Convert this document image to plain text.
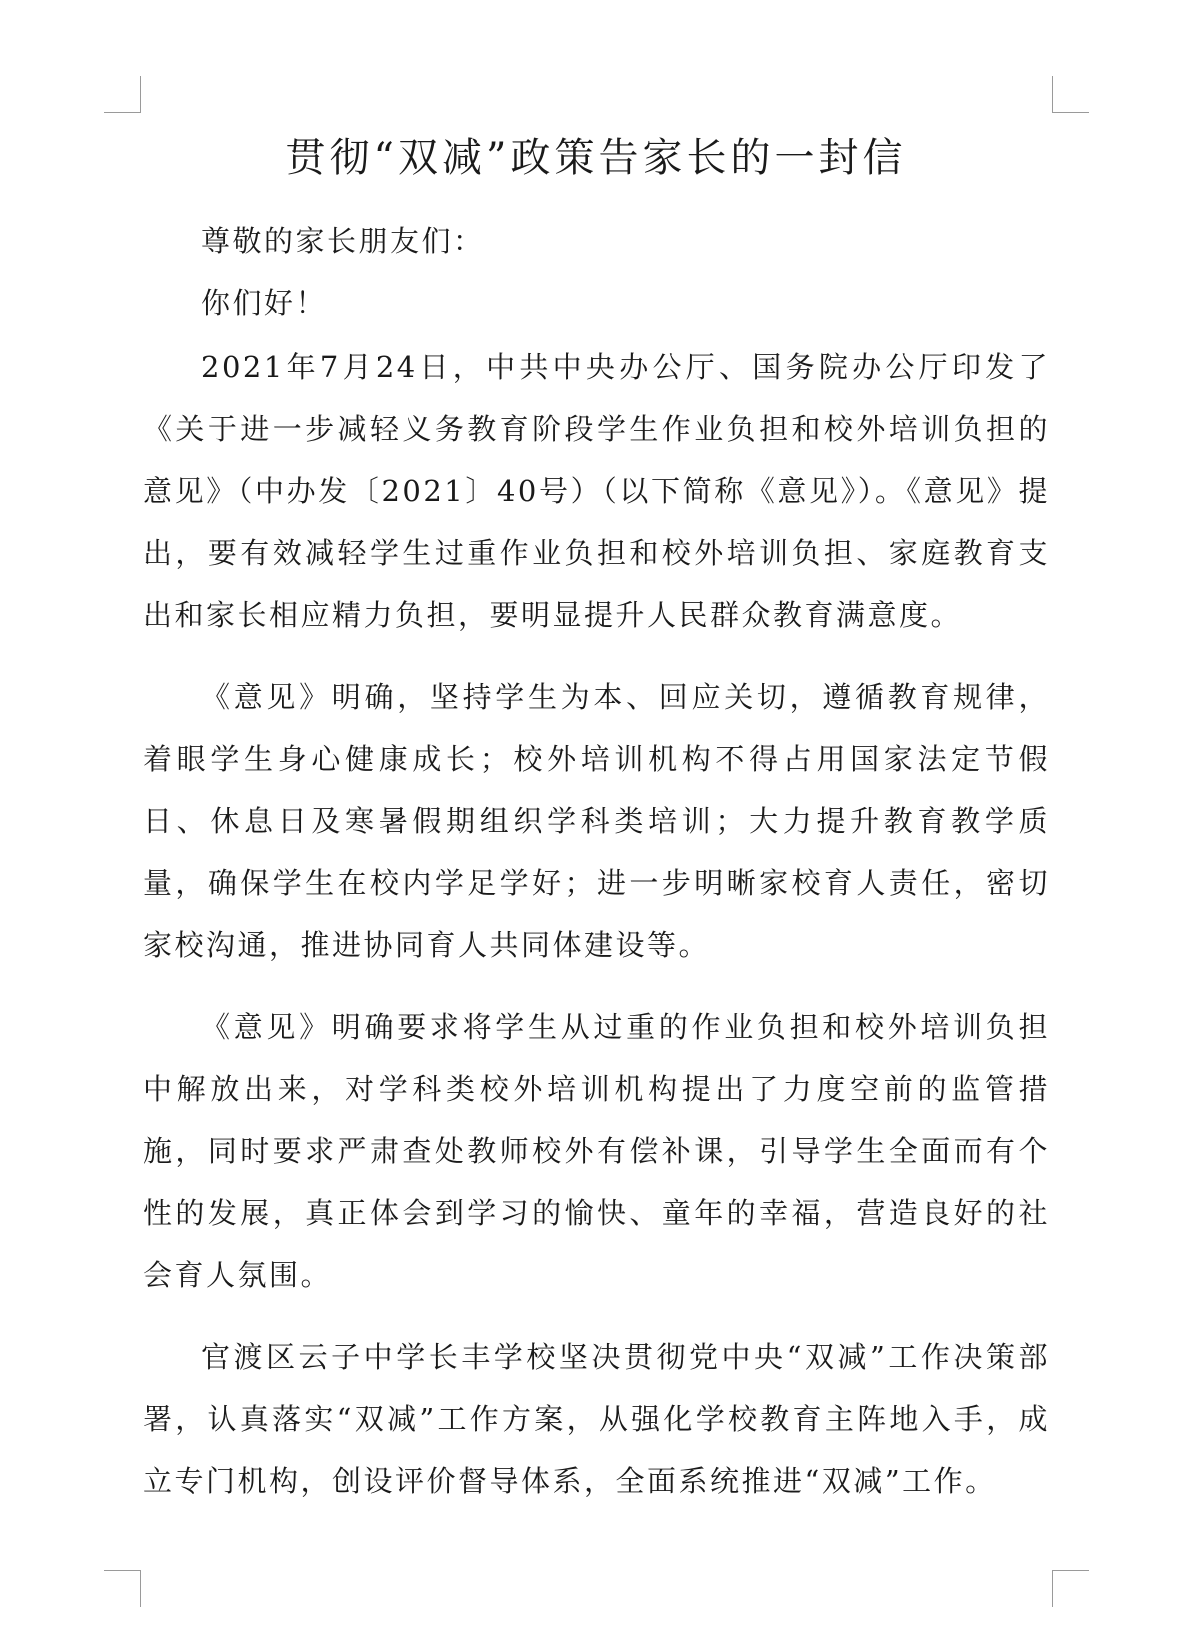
贯彻“双减”政策告家长的一封信

尊敬的家长朋友们：

你们好！

2021年7月24日，中共中央办公厅、国务院办公厅印发了《关于进一步减轻义务教育阶段学生作业负担和校外培训负担的意见》（中办发〔2021〕40号）（以下简称《意见》）。《意见》提出，要有效减轻学生过重作业负担和校外培训负担、家庭教育支出和家长相应精力负担，要明显提升人民群众教育满意度。

《意见》明确，坚持学生为本、回应关切，遵循教育规律，着眼学生身心健康成长；校外培训机构不得占用国家法定节假日、休息日及寒暑假期组织学科类培训；大力提升教育教学质量，确保学生在校内学足学好；进一步明晰家校育人责任，密切家校沟通，推进协同育人共同体建设等。

《意见》明确要求将学生从过重的作业负担和校外培训负担中解放出来，对学科类校外培训机构提出了力度空前的监管措施，同时要求严肃查处教师校外有偿补课，引导学生全面而有个性的发展，真正体会到学习的愉快、童年的幸福，营造良好的社会育人氛围。

官渡区云子中学长丰学校坚决贯彻党中央“双减”工作决策部署，认真落实“双减”工作方案，从强化学校教育主阵地入手，成立专门机构，创设评价督导体系，全面系统推进“双减”工作。
